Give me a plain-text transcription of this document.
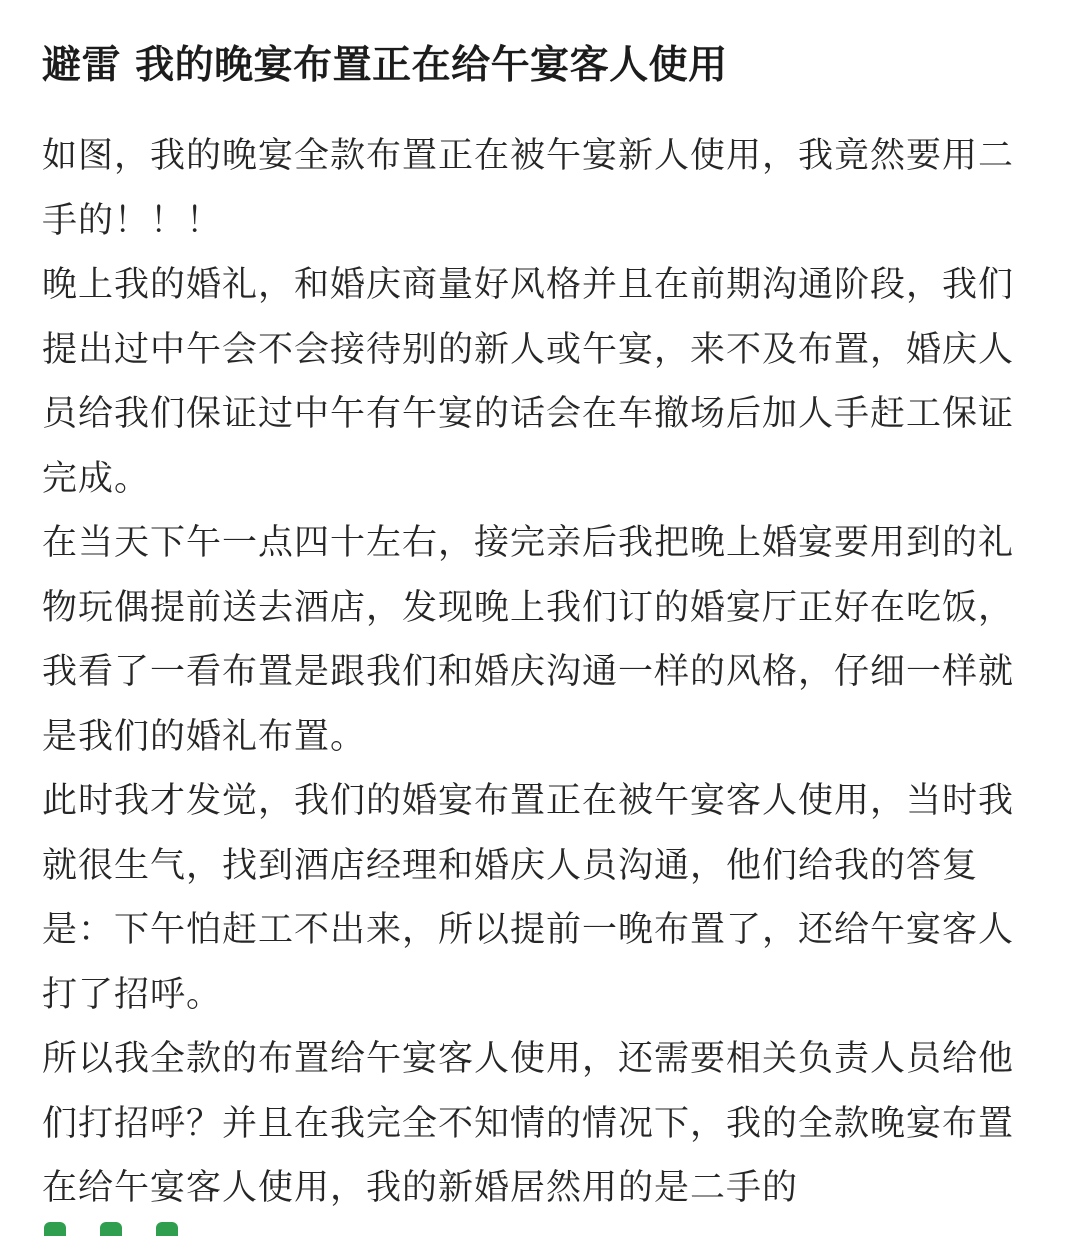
避雷 我的晚宴布置正在给午宴客人使用

如图，我的晚宴全款布置正在被午宴新人使用，我竟然要用二手的！！！

晚上我的婚礼，和婚庆商量好风格并且在前期沟通阶段，我们提出过中午会不会接待别的新人或午宴，来不及布置，婚庆人员给我们保证过中午有午宴的话会在车撤场后加人手赶工保证完成。

在当天下午一点四十左右，接完亲后我把晚上婚宴要用到的礼物玩偶提前送去酒店，发现晚上我们订的婚宴厅正好在吃饭，我看了一看布置是跟我们和婚庆沟通一样的风格，仔细一样就是我们的婚礼布置。

此时我才发觉，我们的婚宴布置正在被午宴客人使用，当时我就很生气，找到酒店经理和婚庆人员沟通，他们给我的答复是：下午怕赶工不出来，所以提前一晚布置了，还给午宴客人打了招呼。

所以我全款的布置给午宴客人使用，还需要相关负责人员给他们打招呼？并且在我完全不知情的情况下，我的全款晚宴布置在给午宴客人使用，我的新婚居然用的是二手的
